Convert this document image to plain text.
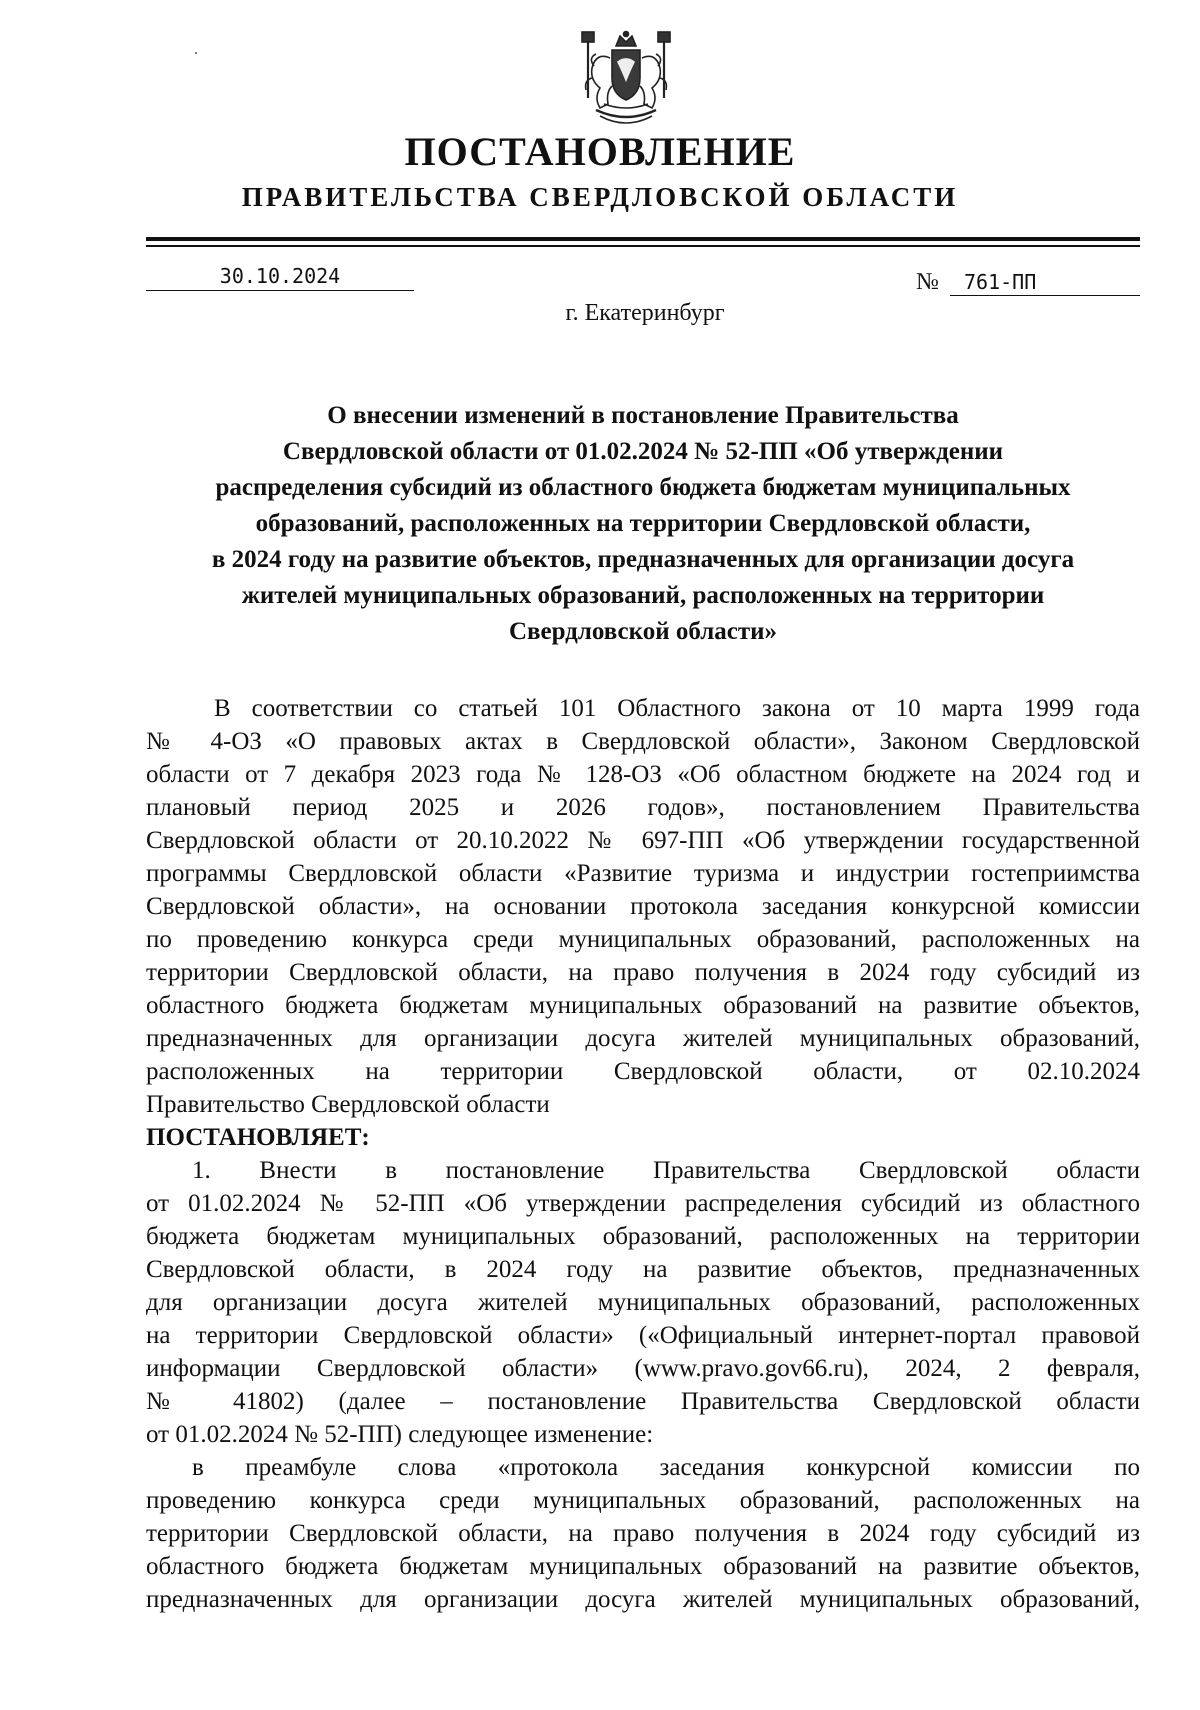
ПОСТАНОВЛЕНИЕ
ПРАВИТЕЛЬСТВА СВЕРДЛОВСКОЙ ОБЛАСТИ
30.10.2024	№	761-ПП
г. Екатеринбург
О внесении изменений в постановление Правительства
Свердловской области от 01.02.2024 № 52-ПП «Об утверждении
распределения субсидий из областного бюджета бюджетам муниципальных
образований, расположенных на территории Свердловской области,
в 2024 году на развитие объектов, предназначенных для организации досуга
жителей муниципальных образований, расположенных на территории
Свердловской области»
В соответствии со статьей 101 Областного закона от 10 марта 1999 года
№ 4-ОЗ «О правовых актах в Свердловской области», Законом Свердловской
области от 7 декабря 2023 года № 128-ОЗ «Об областном бюджете на 2024 год и
плановый период 2025 и 2026 годов», постановлением Правительства
Свердловской области от 20.10.2022 № 697-ПП «Об утверждении государственной
программы Свердловской области «Развитие туризма и индустрии гостеприимства
Свердловской области», на основании протокола заседания конкурсной комиссии
по проведению конкурса среди муниципальных образований, расположенных на
территории Свердловской области, на право получения в 2024 году субсидий из
областного бюджета бюджетам муниципальных образований на развитие объектов,
предназначенных для организации досуга жителей муниципальных образований,
расположенных на территории Свердловской области, от 02.10.2024
Правительство Свердловской области
ПОСТАНОВЛЯЕТ:
1. Внести в постановление Правительства Свердловской области
от 01.02.2024 № 52-ПП «Об утверждении распределения субсидий из областного
бюджета бюджетам муниципальных образований, расположенных на территории
Свердловской области, в 2024 году на развитие объектов, предназначенных
для организации досуга жителей муниципальных образований, расположенных
на территории Свердловской области» («Официальный интернет-портал правовой
информации Свердловской области» (www.pravo.gov66.ru), 2024, 2 февраля,
№ 41802) (далее – постановление Правительства Свердловской области
от 01.02.2024 № 52-ПП) следующее изменение:
в преамбуле слова «протокола заседания конкурсной комиссии по
проведению конкурса среди муниципальных образований, расположенных на
территории Свердловской области, на право получения в 2024 году субсидий из
областного бюджета бюджетам муниципальных образований на развитие объектов,
предназначенных для организации досуга жителей муниципальных образований,
